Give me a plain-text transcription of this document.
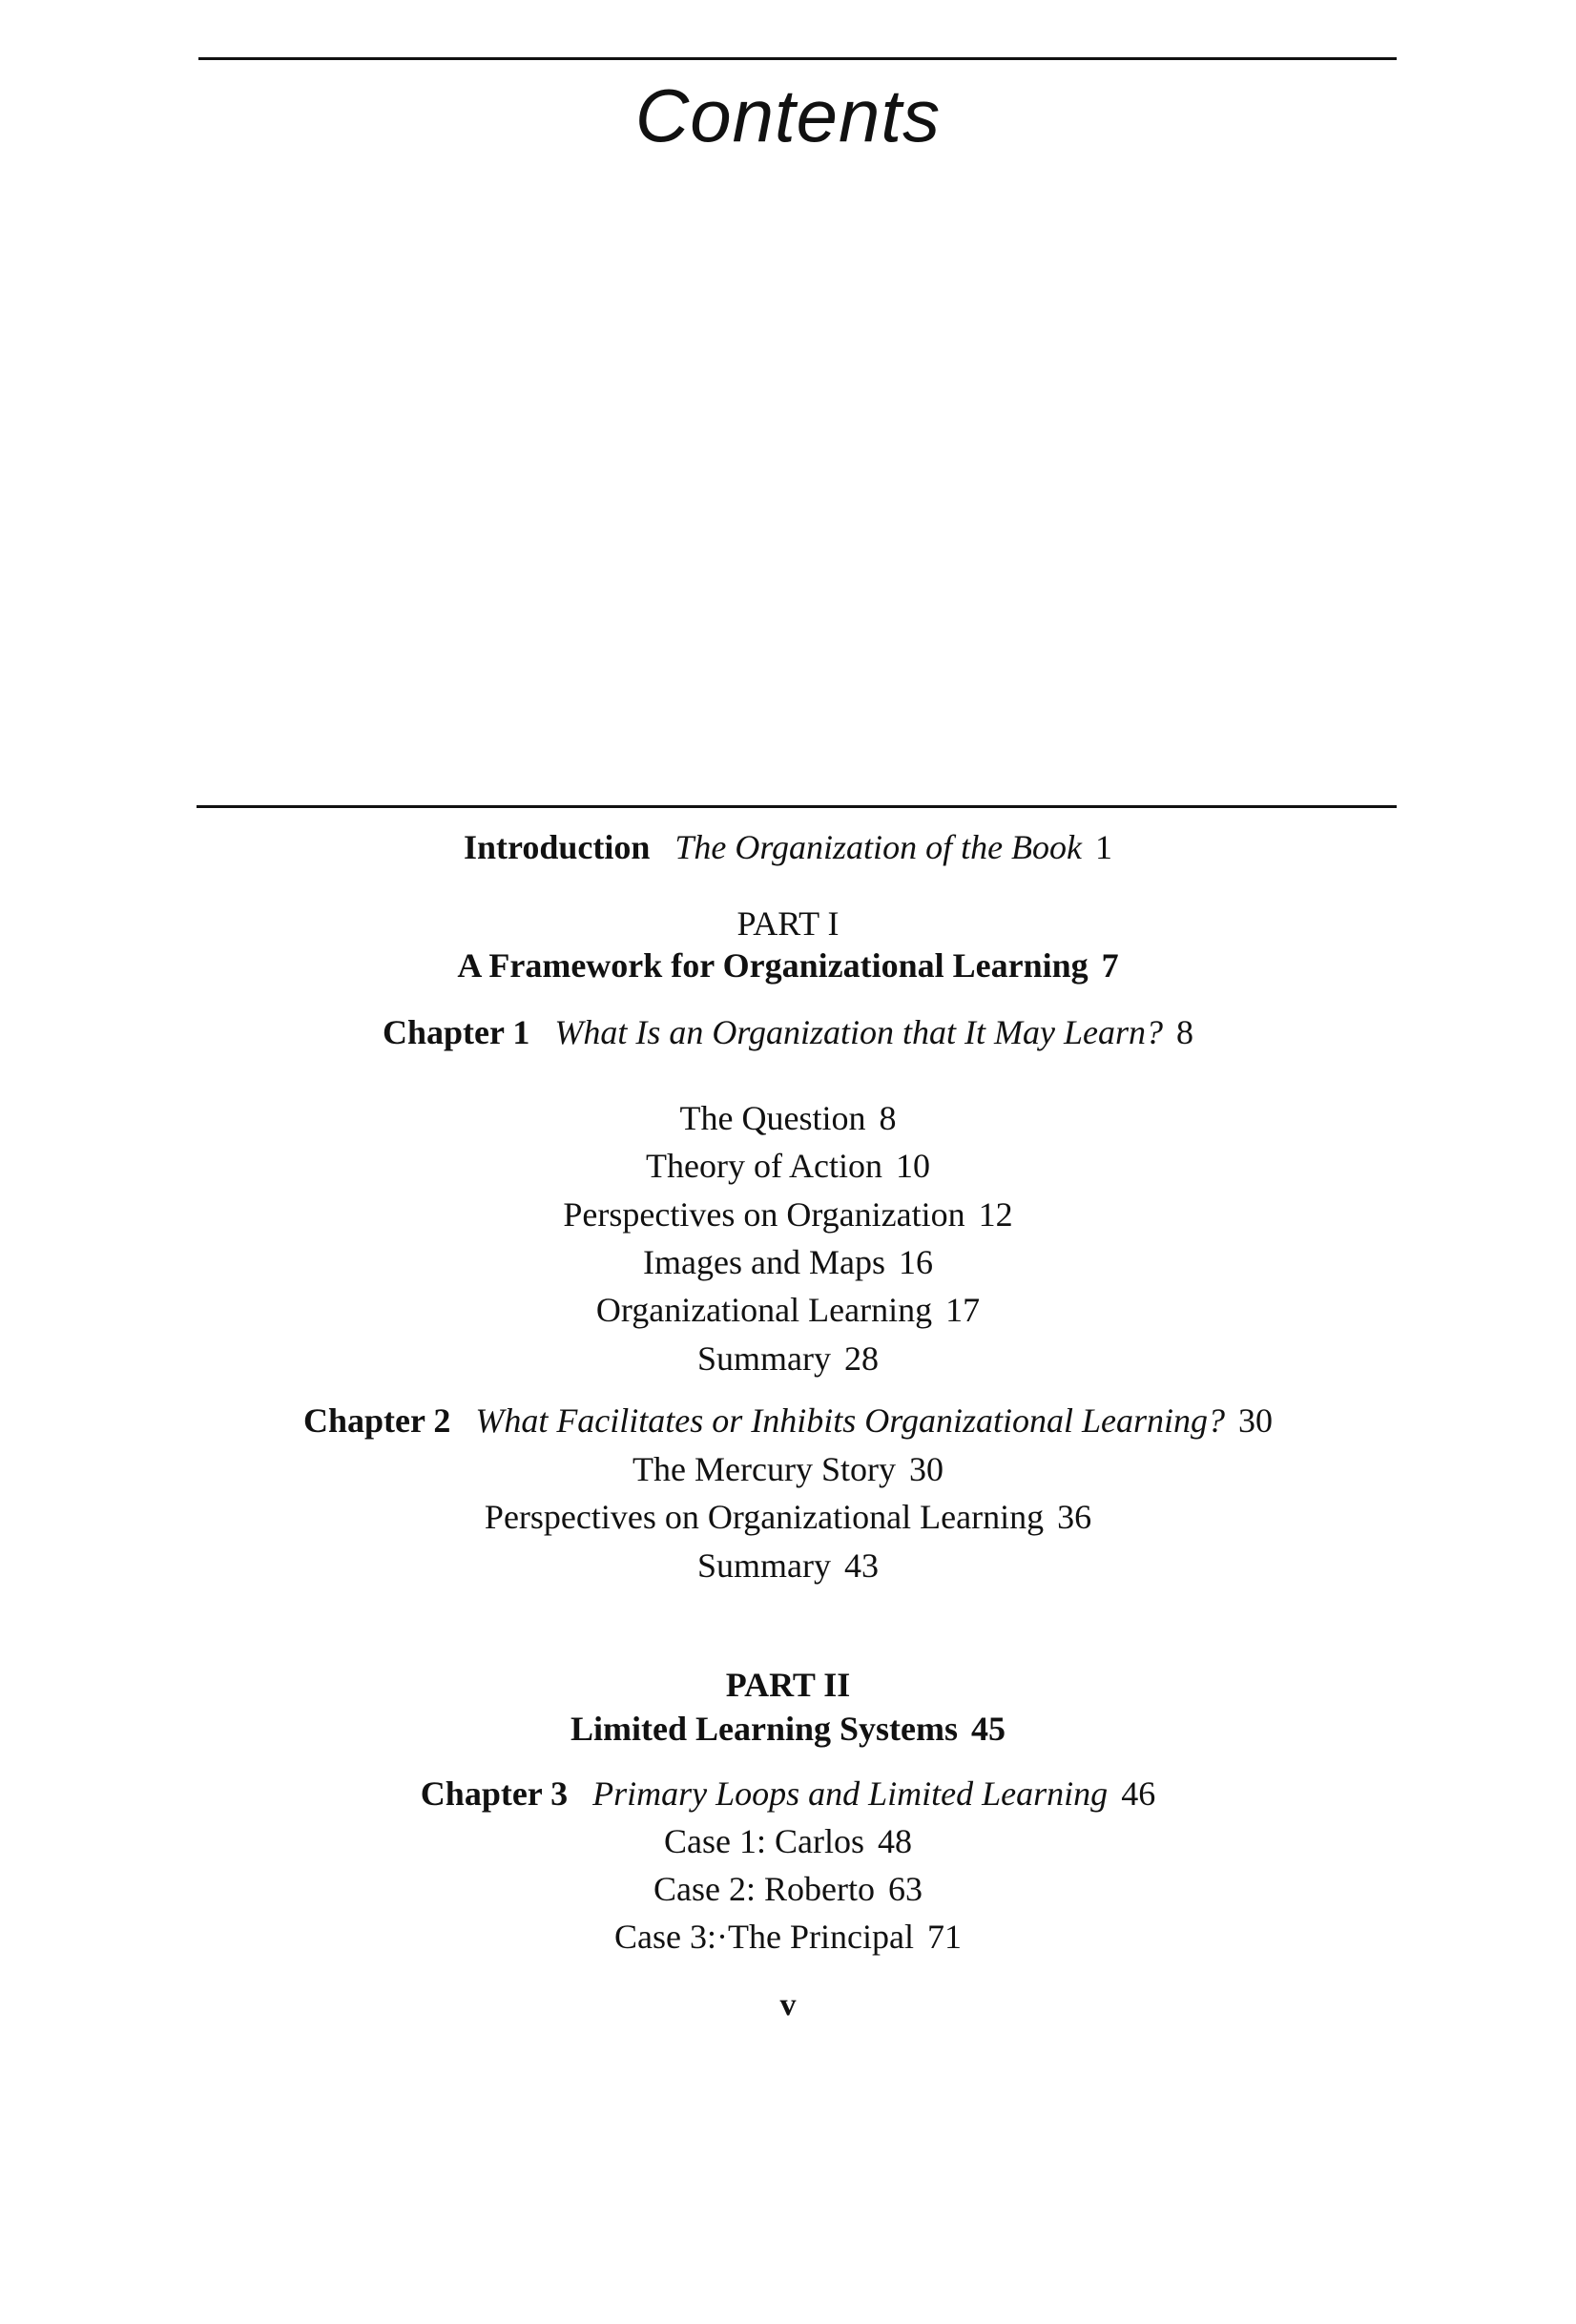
Contents
Introduction The Organization of the Book 1
PART I
A Framework for Organizational Learning 7
Chapter 1 What Is an Organization that It May Learn? 8
The Question 8
Theory of Action 10
Perspectives on Organization 12
Images and Maps 16
Organizational Learning 17
Summary 28
Chapter 2 What Facilitates or Inhibits Organizational Learning? 30
The Mercury Story 30
Perspectives on Organizational Learning 36
Summary 43
PART II
Limited Learning Systems 45
Chapter 3 Primary Loops and Limited Learning 46
Case 1: Carlos 48
Case 2: Roberto 63
Case 3:·The Principal 71
v
